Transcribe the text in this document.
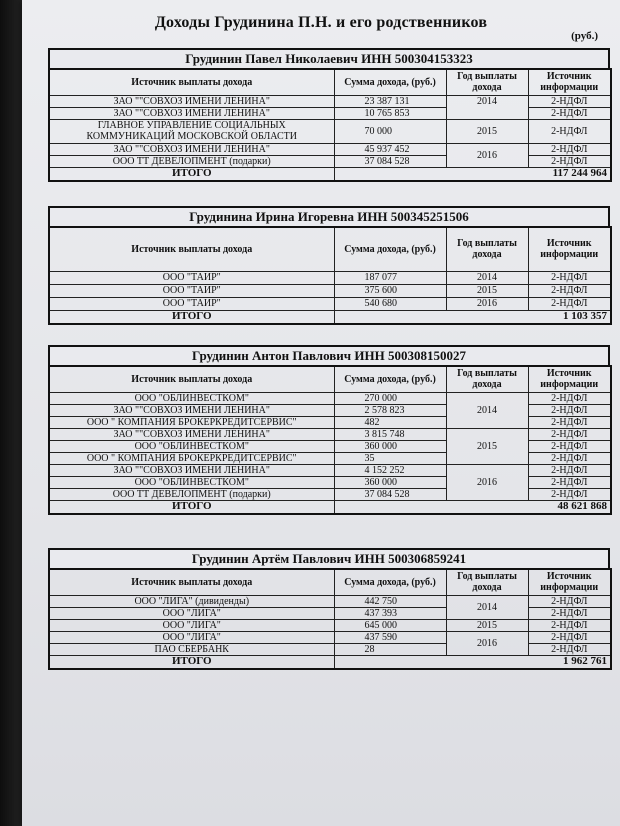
Доходы Грудинина П.Н. и его родственников
(руб.)
Грудинин Павел Николаевич ИНН 500304153323
Источник выплаты дохода	Сумма дохода, (руб.)	Год выплаты дохода	Источник информации
ЗАО ""СОВХОЗ ИМЕНИ ЛЕНИНА"	23 387 131	2014	2-НДФЛ
ЗАО ""СОВХОЗ ИМЕНИ ЛЕНИНА"	10 765 853		2-НДФЛ
ГЛАВНОЕ УПРАВЛЕНИЕ СОЦИАЛЬНЫХ КОММУНИКАЦИЙ МОСКОВСКОЙ ОБЛАСТИ	70 000	2015	2-НДФЛ
ЗАО ""СОВХОЗ ИМЕНИ ЛЕНИНА"	45 937 452	2016	2-НДФЛ
ООО ТТ ДЕВЕЛОПМЕНТ (подарки)	37 084 528		2-НДФЛ
ИТОГО	117 244 964		
Грудинина Ирина Игоревна ИНН 500345251506
Источник выплаты дохода	Сумма дохода, (руб.)	Год выплаты дохода	Источник информации
ООО "ТАИР"	187 077	2014	2-НДФЛ
ООО "ТАИР"	375 600	2015	2-НДФЛ
ООО "ТАИР"	540 680	2016	2-НДФЛ
ИТОГО	1 103 357		
Грудинин Антон Павлович ИНН 500308150027
Источник выплаты дохода	Сумма дохода, (руб.)	Год выплаты дохода	Источник информации
ООО "ОБЛИНВЕСТКОМ"	270 000	2014	2-НДФЛ
ЗАО ""СОВХОЗ ИМЕНИ ЛЕНИНА"	2 578 823		2-НДФЛ
ООО " КОМПАНИЯ БРОКЕРКРЕДИТСЕРВИС"	482		2-НДФЛ
ЗАО ""СОВХОЗ ИМЕНИ ЛЕНИНА"	3 815 748	2015	2-НДФЛ
ООО "ОБЛИНВЕСТКОМ"	360 000		2-НДФЛ
ООО " КОМПАНИЯ БРОКЕРКРЕДИТСЕРВИС"	35		2-НДФЛ
ЗАО ""СОВХОЗ ИМЕНИ ЛЕНИНА"	4 152 252	2016	2-НДФЛ
ООО "ОБЛИНВЕСТКОМ"	360 000		2-НДФЛ
ООО ТТ ДЕВЕЛОПМЕНТ (подарки)	37 084 528		2-НДФЛ
ИТОГО	48 621 868		
Грудинин Артём Павлович ИНН 500306859241
Источник выплаты дохода	Сумма дохода, (руб.)	Год выплаты дохода	Источник информации
ООО "ЛИГА" (дивиденды)	442 750	2014	2-НДФЛ
ООО "ЛИГА"	437 393		2-НДФЛ
ООО "ЛИГА"	645 000	2015	2-НДФЛ
ООО "ЛИГА"	437 590	2016	2-НДФЛ
ПАО СБЕРБАНК	28		2-НДФЛ
ИТОГО	1 962 761		
